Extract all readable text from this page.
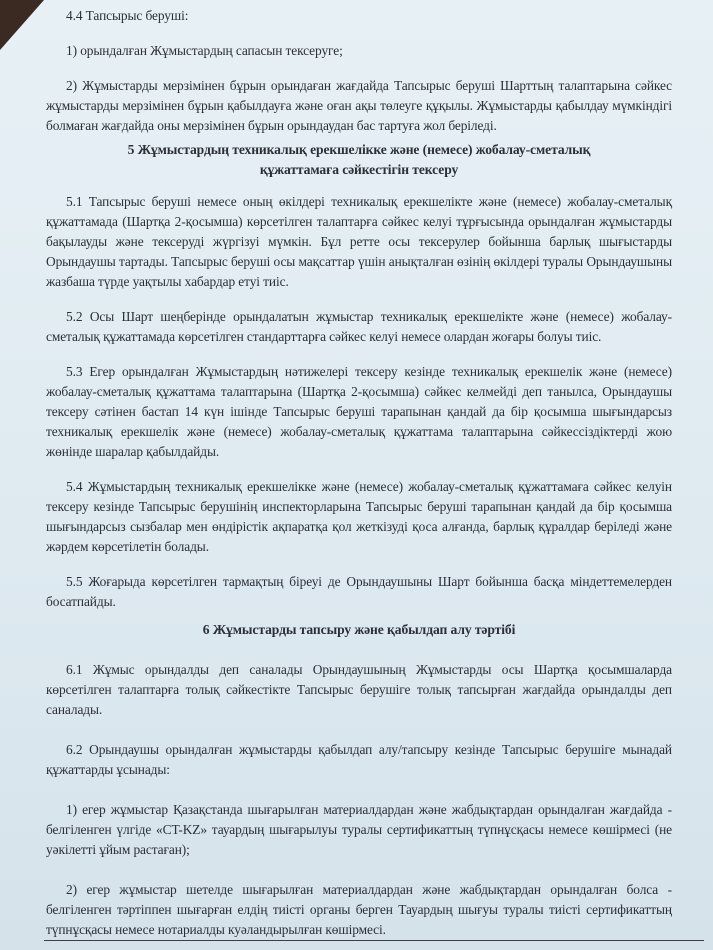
4.4 Тапсырыс беруші:

1) орындалған Жұмыстардың сапасын тексеруге;

2) Жұмыстарды мерзімінен бұрын орындаған жағдайда Тапсырыс беруші Шарттың талаптарына сәйкес жұмыстарды мерзімінен бұрын қабылдауға және оған ақы төлеуге құқылы. Жұмыстарды қабылдау мүмкіндігі болмаған жағдайда оны мерзімінен бұрын орындаудан бас тартуға жол беріледі.

5 Жұмыстардың техникалық ерекшелікке және (немесе) жобалау-сметалық құжаттамаға сәйкестігін тексеру

5.1 Тапсырыс беруші немесе оның өкілдері техникалық ерекшелікте және (немесе) жобалау-сметалық құжаттамада (Шартқа 2-қосымша) көрсетілген талаптарға сәйкес келуі тұрғысында орындалған жұмыстарды бақылауды және тексеруді жүргізуі мүмкін. Бұл ретте осы тексерулер бойынша барлық шығыстарды Орындаушы тартады. Тапсырыс беруші осы мақсаттар үшін анықталған өзінің өкілдері туралы Орындаушыны жазбаша түрде уақтылы хабардар етуі тиіс.

5.2 Осы Шарт шеңберінде орындалатын жұмыстар техникалық ерекшелікте және (немесе) жобалау-сметалық құжаттамада көрсетілген стандарттарға сәйкес келуі немесе олардан жоғары болуы тиіс.

5.3 Егер орындалған Жұмыстардың нәтижелері тексеру кезінде техникалық ерекшелік және (немесе) жобалау-сметалық құжаттама талаптарына (Шартқа 2-қосымша) сәйкес келмейді деп танылса, Орындаушы тексеру сәтінен бастап 14 күн ішінде Тапсырыс беруші тарапынан қандай да бір қосымша шығындарсыз техникалық ерекшелік және (немесе) жобалау-сметалық құжаттама талаптарына сәйкессіздіктерді жою жөнінде шаралар қабылдайды.

5.4 Жұмыстардың техникалық ерекшелікке және (немесе) жобалау-сметалық құжаттамаға сәйкес келуін тексеру кезінде Тапсырыс берушінің инспекторларына Тапсырыс беруші тарапынан қандай да бір қосымша шығындарсыз сызбалар мен өндірістік ақпаратқа қол жеткізуді қоса алғанда, барлық құралдар беріледі және жәрдем көрсетілетін болады.

5.5 Жоғарыда көрсетілген тармақтың біреуі де Орындаушыны Шарт бойынша басқа міндеттемелерден босатпайды.

6 Жұмыстарды тапсыру және қабылдап алу тәртібі

6.1 Жұмыс орындалды деп саналады Орындаушының Жұмыстарды осы Шартқа қосымшаларда көрсетілген талаптарға толық сәйкестікте Тапсырыс берушіге толық тапсырған жағдайда орындалды деп саналады.

6.2 Орындаушы орындалған жұмыстарды қабылдап алу/тапсыру кезінде Тапсырыс берушіге мынадай құжаттарды ұсынады:

1) егер жұмыстар Қазақстанда шығарылған материалдардан және жабдықтардан орындалған жағдайда - белгіленген үлгіде «CT-KZ» тауардың шығарылуы туралы сертификаттың түпнұсқасы немесе көшірмесі (не уәкілетті ұйым растаған);

2) егер жұмыстар шетелде шығарылған материалдардан және жабдықтардан орындалған болса - белгіленген тәртіппен шығарған елдің тиісті органы берген Тауардың шығуы туралы тиісті сертификаттың түпнұсқасы немесе нотариалды куәландырылған көшірмесі.
